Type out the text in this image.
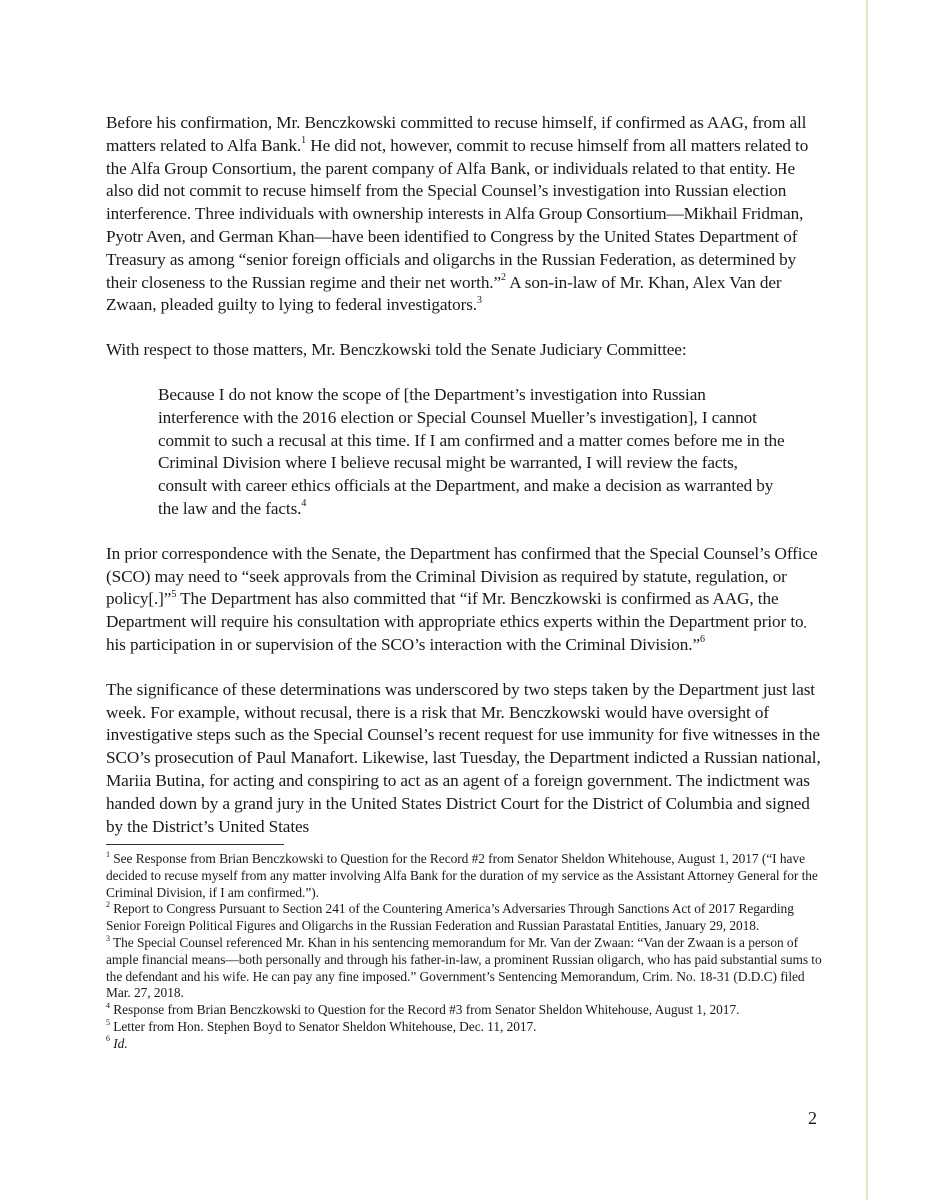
Before his confirmation, Mr. Benczkowski committed to recuse himself, if confirmed as AAG, from all matters related to Alfa Bank.$^1$ He did not, however, commit to recuse himself from all matters related to the Alfa Group Consortium, the parent company of Alfa Bank, or individuals related to that entity. He also did not commit to recuse himself from the Special Counsel’s investigation into Russian election interference. Three individuals with ownership interests in Alfa Group Consortium—Mikhail Fridman, Pyotr Aven, and German Khan—have been identified to Congress by the United States Department of Treasury as among “senior foreign officials and oligarchs in the Russian Federation, as determined by their closeness to the Russian regime and their net worth.”$^2$ A son-in-law of Mr. Khan, Alex Van der Zwaan, pleaded guilty to lying to federal investigators.$^3$

With respect to those matters, Mr. Benczkowski told the Senate Judiciary Committee:

Because I do not know the scope of [the Department’s investigation into Russian interference with the 2016 election or Special Counsel Mueller’s investigation], I cannot commit to such a recusal at this time. If I am confirmed and a matter comes before me in the Criminal Division where I believe recusal might be warranted, I will review the facts, consult with career ethics officials at the Department, and make a decision as warranted by the law and the facts.$^4$

In prior correspondence with the Senate, the Department has confirmed that the Special Counsel’s Office (SCO) may need to “seek approvals from the Criminal Division as required by statute, regulation, or policy[.]”$^5$ The Department has also committed that “if Mr. Benczkowski is confirmed as AAG, the Department will require his consultation with appropriate ethics experts within the Department prior to his participation in or supervision of the SCO’s interaction with the Criminal Division.”$^6$

The significance of these determinations was underscored by two steps taken by the Department just last week. For example, without recusal, there is a risk that Mr. Benczkowski would have oversight of investigative steps such as the Special Counsel’s recent request for use immunity for five witnesses in the SCO’s prosecution of Paul Manafort. Likewise, last Tuesday, the Department indicted a Russian national, Mariia Butina, for acting and conspiring to act as an agent of a foreign government. The indictment was handed down by a grand jury in the United States District Court for the District of Columbia and signed by the District’s United States

$^1$ See Response from Brian Benczkowski to Question for the Record #2 from Senator Sheldon Whitehouse, August 1, 2017 (“I have decided to recuse myself from any matter involving Alfa Bank for the duration of my service as the Assistant Attorney General for the Criminal Division, if I am confirmed.”).

$^2$ Report to Congress Pursuant to Section 241 of the Countering America’s Adversaries Through Sanctions Act of 2017 Regarding Senior Foreign Political Figures and Oligarchs in the Russian Federation and Russian Parastatal Entities, January 29, 2018.

$^3$ The Special Counsel referenced Mr. Khan in his sentencing memorandum for Mr. Van der Zwaan: “Van der Zwaan is a person of ample financial means—both personally and through his father-in-law, a prominent Russian oligarch, who has paid substantial sums to the defendant and his wife. He can pay any fine imposed.” Government’s Sentencing Memorandum, Crim. No. 18-31 (D.D.C) filed Mar. 27, 2018.

$^4$ Response from Brian Benczkowski to Question for the Record #3 from Senator Sheldon Whitehouse, August 1, 2017.

$^5$ Letter from Hon. Stephen Boyd to Senator Sheldon Whitehouse, Dec. 11, 2017.

$^6$ Id.

2
